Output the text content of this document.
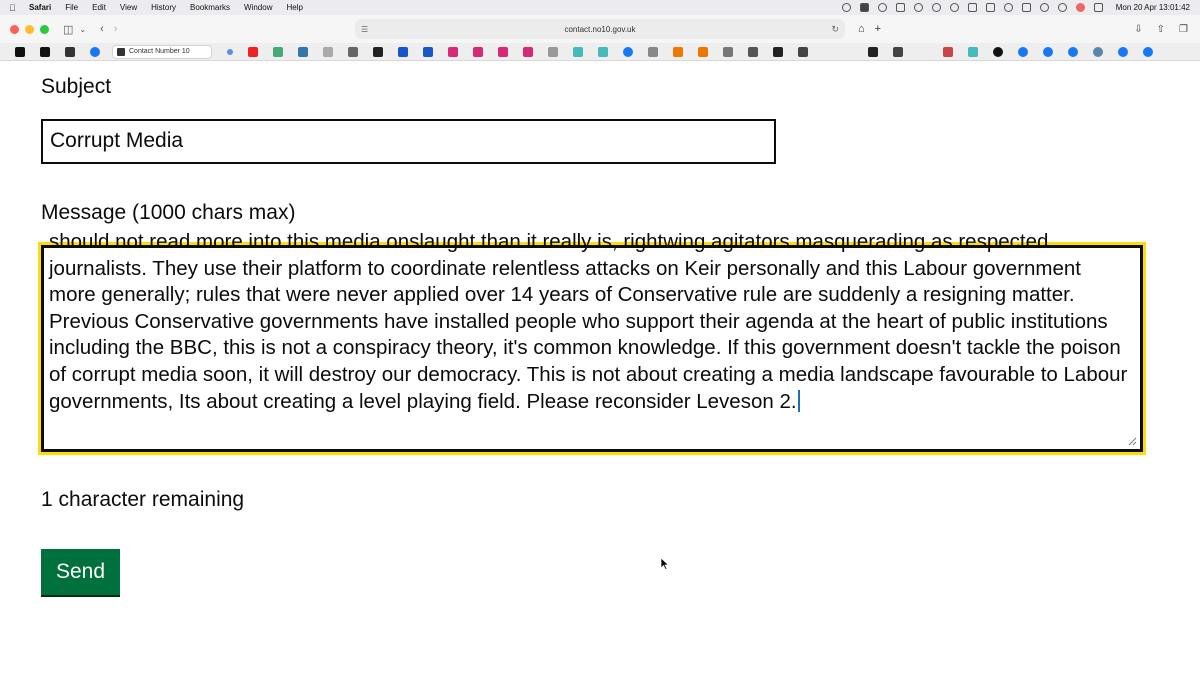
Safari File Edit View History Bookmarks Window Help	Mon 20 Apr 13:01:42
◫ ⌄ ‹ ›	☰	contact.no10.gov.uk	↻ ⌂ +	⇩ ⇧ ❐
Contact Number 10
Subject
Corrupt Media
Message (1000 chars max)
should not read more into this media onslaught than it really is, rightwing agitators masquerading as respected journalists. They use their platform to coordinate relentless attacks on Keir personally and this Labour government more generally; rules that were never applied over 14 years of Conservative rule are suddenly a resigning matter. Previous Conservative governments have installed people who support their agenda at the heart of public institutions including the BBC, this is not a conspiracy theory, it's common knowledge. If this government doesn't tackle the poison of corrupt media soon, it will destroy our democracy. This is not about creating a media landscape favourable to Labour governments, Its about creating a level playing field. Please reconsider Leveson 2.
1 character remaining
Send
